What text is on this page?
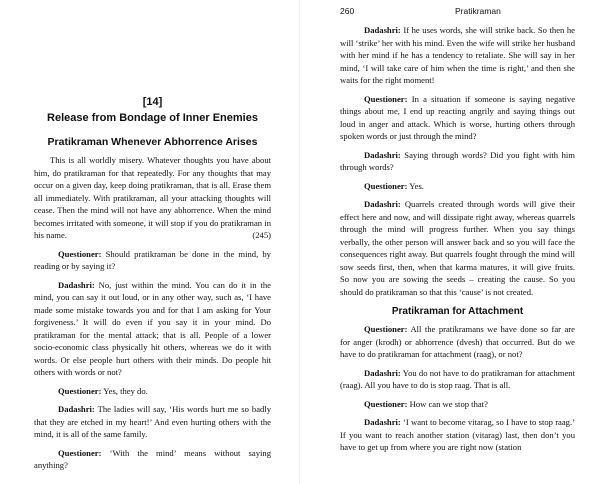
[14]
Release from Bondage of Inner Enemies
Pratikraman Whenever Abhorrence Arises

This is all worldly misery. Whatever thoughts you have about him, do pratikraman for that repeatedly. For any thoughts that may occur on a given day, keep doing pratikraman, that is all. Erase them all immediately. With pratikraman, all your attacking thoughts will cease. Then the mind will not have any abhorrence. When the mind becomes irritated with someone, it will stop if you do pratikraman in his name.	(245)

Questioner: Should pratikraman be done in the mind, by reading or by saying it?

Dadashri: No, just within the mind. You can do it in the mind, you can say it out loud, or in any other way, such as, ‘I have made some mistake towards you and for that I am asking for Your forgiveness.’ It will do even if you say it in your mind. Do pratikraman for the mental attack; that is all. People of a lower socio-economic class physically hit others, whereas we do it with words. Or else people hurt others with their minds. Do people hit others with words or not?

Questioner: Yes, they do.

Dadashri: The ladies will say, ‘His words hurt me so badly that they are etched in my heart!’ And even hurting others with the mind, it is all of the same family.

Questioner: ‘With the mind’ means without saying anything?

260	Pratikraman

Dadashri: If he uses words, she will strike back. So then he will ‘strike’ her with his mind. Even the wife will strike her husband with her mind if he has a tendency to retaliate. She will say in her mind, ‘I will take care of him when the time is right,’ and then she waits for the right moment!

Questioner: In a situation if someone is saying negative things about me, I end up reacting angrily and saying things out loud in anger and attack. Which is worse, hurting others through spoken words or just through the mind?

Dadashri: Saying through words? Did you fight with him through words?

Questioner: Yes.

Dadashri: Quarrels created through words will give their effect here and now, and will dissipate right away, whereas quarrels through the mind will progress further. When you say things verbally, the other person will answer back and so you will face the consequences right away. But quarrels fought through the mind will sow seeds first, then, when that karma matures, it will give fruits. So now you are sowing the seeds – creating the cause. So you should do pratikraman so that this ‘cause’ is not created.

Pratikraman for Attachment

Questioner: All the pratikramans we have done so far are for anger (krodh) or abhorrence (dvesh) that occurred. But do we have to do pratikraman for attachment (raag), or not?

Dadashri: You do not have to do pratikraman for attachment (raag). All you have to do is stop raag. That is all.

Questioner: How can we stop that?

Dadashri: ‘I want to become vitarag, so I have to stop raag.’ If you want to reach another station (vitarag) last, then don’t you have to get up from where you are right now (station
